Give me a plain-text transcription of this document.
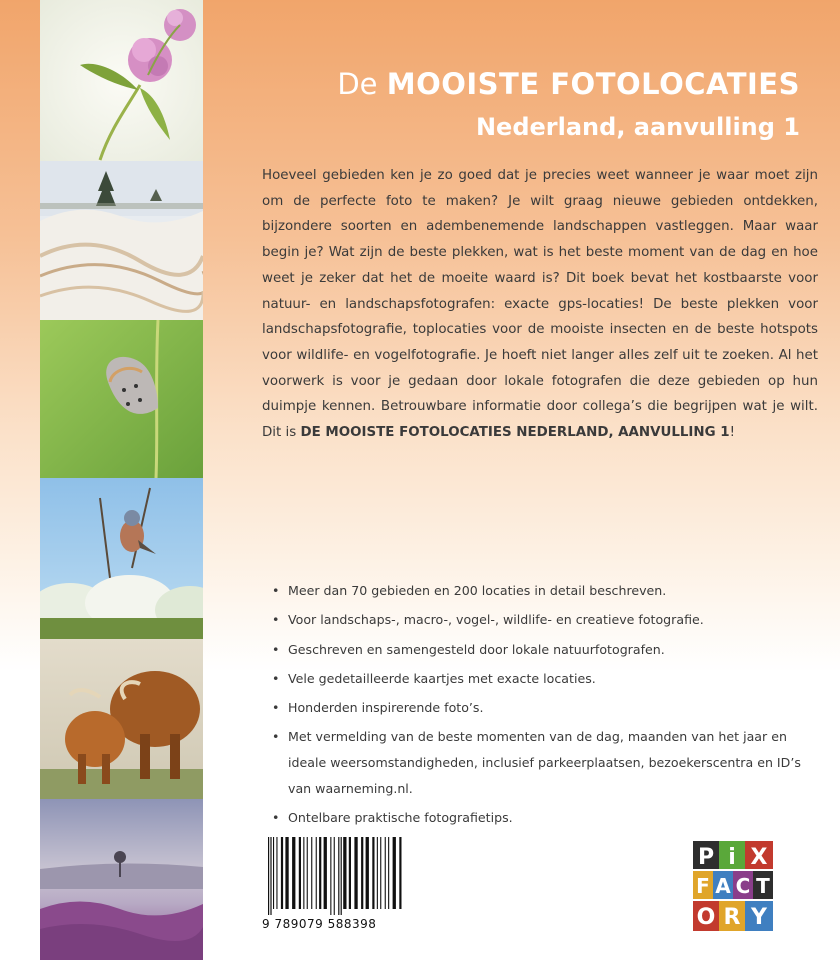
De MOOISTE FOTOLOCATIES
Nederland, aanvulling 1
Hoeveel gebieden ken je zo goed dat je precies weet wanneer je waar moet zijn om de perfecte foto te maken? Je wilt graag nieuwe gebieden ontdekken, bijzondere soorten en adembenemende landschappen vastleggen. Maar waar begin je? Wat zijn de beste plekken, wat is het beste moment van de dag en hoe weet je zeker dat het de moeite waard is? Dit boek bevat het kostbaarste voor natuur- en landschapsfotografen: exacte gps-locaties! De beste plekken voor landschapsfotografie, toplocaties voor de mooiste insecten en de beste hotspots voor wildlife- en vogelfotografie. Je hoeft niet langer alles zelf uit te zoeken. Al het voorwerk is voor je gedaan door lokale fotografen die deze gebieden op hun duimpje kennen. Betrouwbare informatie door collega’s die begrijpen wat je wilt. Dit is DE MOOISTE FOTOLOCATIES NEDERLAND, AANVULLING 1!
• Meer dan 70 gebieden en 200 locaties in detail beschreven.
• Voor landschaps-, macro-, vogel-, wildlife- en creatieve fotografie.
• Geschreven en samengesteld door lokale natuurfotografen.
• Vele gedetailleerde kaartjes met exacte locaties.
• Honderden inspirerende foto’s.
• Met vermelding van de beste momenten van de dag, maanden van het jaar en ideale weersomstandigheden, inclusief parkeerplaatsen, bezoekerscentra en ID’s van waarneming.nl.
• Ontelbare praktische fotografietips.
9 789079 588398
P i X
F A C T
O R Y
